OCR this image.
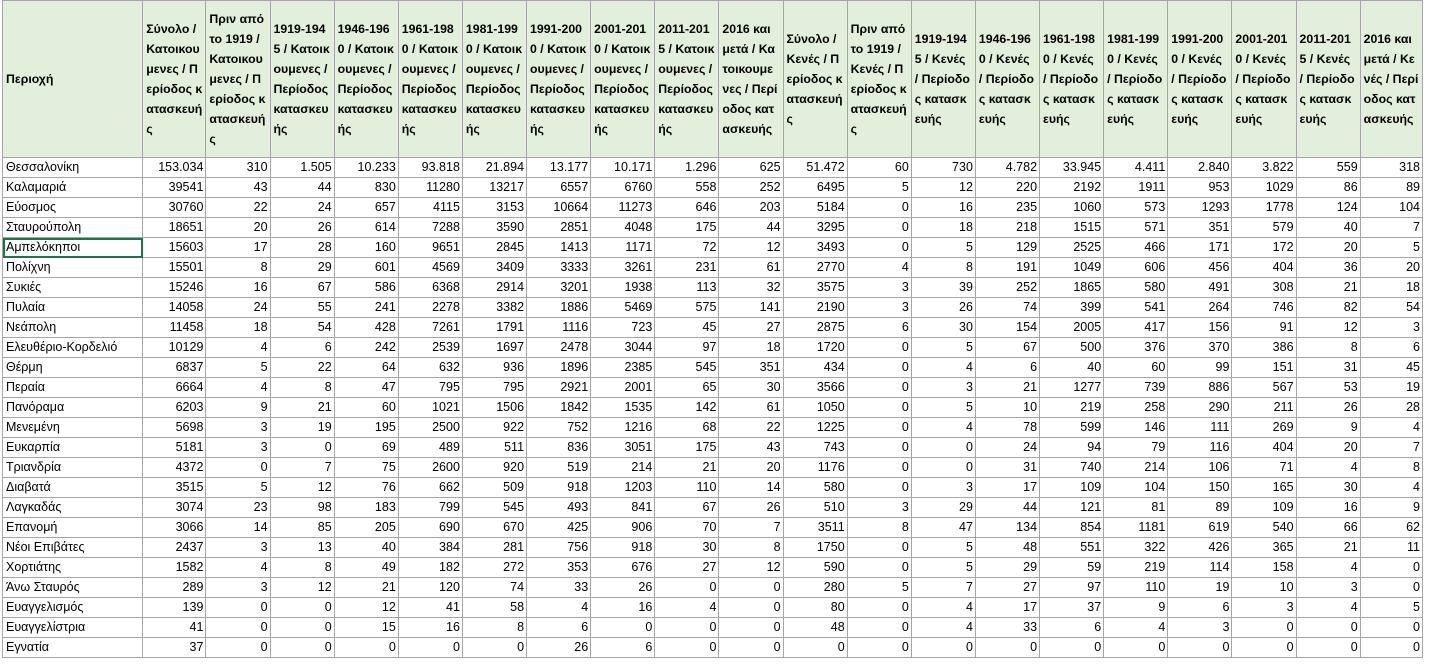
Περιοχή	Σύνολο / Κατοικουμενες / Περίοδος κατασκευής	Πριν από το 1919 / Κατοικουμενες / Περίοδος κατασκευής	1919-1945 / Κατοικουμενες / Περίοδος κατασκευής	1946-1960 / Κατοικουμενες / Περίοδος κατασκευής	1961-1980 / Κατοικουμενες / Περίοδος κατασκευής	1981-1990 / Κατοικουμενες / Περίοδος κατασκευής	1991-2000 / Κατοικουμενες / Περίοδος κατασκευής	2001-2010 / Κατοικουμενες / Περίοδος κατασκευής	2011-2015 / Κατοικουμενες / Περίοδος κατασκευής	2016 και μετά / Κατοικουμενες / Περίοδος κατασκευής	Σύνολο / Κενές / Περίοδος κατασκευής	Πριν από το 1919 / Κενές / Περίοδος κατασκευής	1919-1945 / Κενές / Περίοδος κατασκευής	1946-1960 / Κενές / Περίοδος κατασκευής	1961-1980 / Κενές / Περίοδος κατασκευής	1981-1990 / Κενές / Περίοδος κατασκευής	1991-2000 / Κενές / Περίοδος κατασκευής	2001-2010 / Κενές / Περίοδος κατασκευής	2011-2015 / Κενές / Περίοδος κατασκευής	2016 και μετά / Κενές / Περίοδος κατασκευής
Θεσσαλονίκη	153.034	310	1.505	10.233	93.818	21.894	13.177	10.171	1.296	625	51.472	60	730	4.782	33.945	4.411	2.840	3.822	559	318
Καλαμαριά	39541	43	44	830	11280	13217	6557	6760	558	252	6495	5	12	220	2192	1911	953	1029	86	89
Εύοσμος	30760	22	24	657	4115	3153	10664	11273	646	203	5184	0	16	235	1060	573	1293	1778	124	104
Σταυρούπολη	18651	20	26	614	7288	3590	2851	4048	175	44	3295	0	18	218	1515	571	351	579	40	7
Αμπελόκηποι	15603	17	28	160	9651	2845	1413	1171	72	12	3493	0	5	129	2525	466	171	172	20	5
Πολίχνη	15501	8	29	601	4569	3409	3333	3261	231	61	2770	4	8	191	1049	606	456	404	36	20
Συκιές	15246	16	67	586	6368	2914	3201	1938	113	32	3575	3	39	252	1865	580	491	308	21	18
Πυλαία	14058	24	55	241	2278	3382	1886	5469	575	141	2190	3	26	74	399	541	264	746	82	54
Νεάπολη	11458	18	54	428	7261	1791	1116	723	45	27	2875	6	30	154	2005	417	156	91	12	3
Ελευθέριο-Κορδελιό	10129	4	6	242	2539	1697	2478	3044	97	18	1720	0	5	67	500	376	370	386	8	6
Θέρμη	6837	5	22	64	632	936	1896	2385	545	351	434	0	4	6	40	60	99	151	31	45
Περαία	6664	4	8	47	795	795	2921	2001	65	30	3566	0	3	21	1277	739	886	567	53	19
Πανόραμα	6203	9	21	60	1021	1506	1842	1535	142	61	1050	0	5	10	219	258	290	211	26	28
Μενεμένη	5698	3	19	195	2500	922	752	1216	68	22	1225	0	4	78	599	146	111	269	9	4
Ευκαρπία	5181	3	0	69	489	511	836	3051	175	43	743	0	0	24	94	79	116	404	20	7
Τριανδρία	4372	0	7	75	2600	920	519	214	21	20	1176	0	0	31	740	214	106	71	4	8
Διαβατά	3515	5	12	76	662	509	918	1203	110	14	580	0	3	17	109	104	150	165	30	4
Λαγκαδάς	3074	23	98	183	799	545	493	841	67	26	510	3	29	44	121	81	89	109	16	9
Επανομή	3066	14	85	205	690	670	425	906	70	7	3511	8	47	134	854	1181	619	540	66	62
Νέοι Επιβάτες	2437	3	13	40	384	281	756	918	30	8	1750	0	5	48	551	322	426	365	21	11
Χορτιάτης	1582	4	8	49	182	272	353	676	27	12	590	0	5	29	59	219	114	158	4	0
Άνω Σταυρός	289	3	12	21	120	74	33	26	0	0	280	5	7	27	97	110	19	10	3	0
Ευαγγελισμός	139	0	0	12	41	58	4	16	4	0	80	0	4	17	37	9	6	3	4	5
Ευαγγελίστρια	41	0	0	15	16	8	6	0	0	0	48	0	4	33	6	4	3	0	0	0
Εγνατία	37	0	0	0	0	0	26	6	0	0	0	0	0	0	0	0	0	0	0	0
